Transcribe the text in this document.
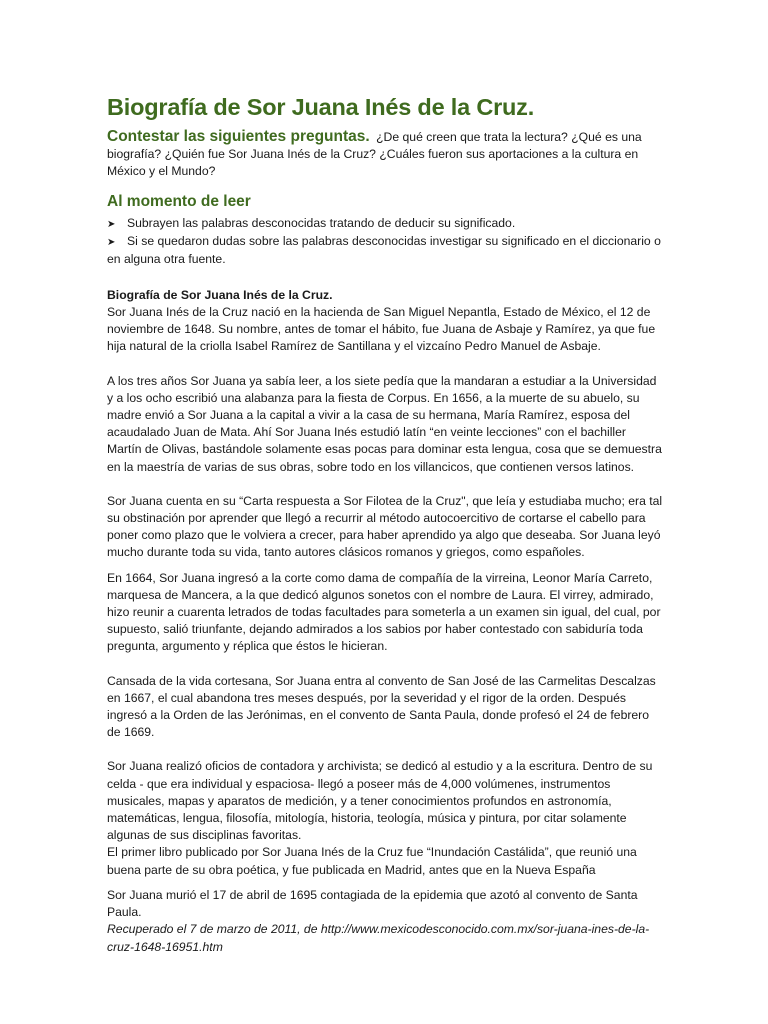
Biografía de Sor Juana Inés de la Cruz.

Contestar las siguientes preguntas. ¿De qué creen que trata la lectura? ¿Qué es una biografía? ¿Quién fue Sor Juana Inés de la Cruz? ¿Cuáles fueron sus aportaciones a la cultura en México y el Mundo?

Al momento de leer
➤ Subrayen las palabras desconocidas tratando de deducir su significado.
➤ Si se quedaron dudas sobre las palabras desconocidas investigar su significado en el diccionario o
en alguna otra fuente.
Biografía de Sor Juana Inés de la Cruz.

Sor Juana Inés de la Cruz nació en la hacienda de San Miguel Nepantla, Estado de México, el 12 de noviembre de 1648. Su nombre, antes de tomar el hábito, fue Juana de Asbaje y Ramírez, ya que fue hija natural de la criolla Isabel Ramírez de Santillana y el vizcaíno Pedro Manuel de Asbaje.

A los tres años Sor Juana ya sabía leer, a los siete pedía que la mandaran a estudiar a la Universidad y a los ocho escribió una alabanza para la fiesta de Corpus. En 1656, a la muerte de su abuelo, su madre envió a Sor Juana a la capital a vivir a la casa de su hermana, María Ramírez, esposa del acaudalado Juan de Mata. Ahí Sor Juana Inés estudió latín “en veinte lecciones” con el bachiller Martín de Olivas, bastándole solamente esas pocas para dominar esta lengua, cosa que se demuestra en la maestría de varias de sus obras, sobre todo en los villancicos, que contienen versos latinos.

Sor Juana cuenta en su “Carta respuesta a Sor Filotea de la Cruz", que leía y estudiaba mucho; era tal su obstinación por aprender que llegó a recurrir al método autocoercitivo de cortarse el cabello para poner como plazo que le volviera a crecer, para haber aprendido ya algo que deseaba. Sor Juana leyó mucho durante toda su vida, tanto autores clásicos romanos y griegos, como españoles.

En 1664, Sor Juana ingresó a la corte como dama de compañía de la virreina, Leonor María Carreto, marquesa de Mancera, a la que dedicó algunos sonetos con el nombre de Laura. El virrey, admirado, hizo reunir a cuarenta letrados de todas facultades para someterla a un examen sin igual, del cual, por supuesto, salió triunfante, dejando admirados a los sabios por haber contestado con sabiduría toda pregunta, argumento y réplica que éstos le hicieran.

Cansada de la vida cortesana, Sor Juana entra al convento de San José de las Carmelitas Descalzas en 1667, el cual abandona tres meses después, por la severidad y el rigor de la orden. Después ingresó a la Orden de las Jerónimas, en el convento de Santa Paula, donde profesó el 24 de febrero de 1669.

Sor Juana realizó oficios de contadora y archivista; se dedicó al estudio y a la escritura. Dentro de su celda - que era individual y espaciosa- llegó a poseer más de 4,000 volúmenes, instrumentos musicales, mapas y aparatos de medición, y a tener conocimientos profundos en astronomía, matemáticas, lengua, filosofía, mitología, historia, teología, música y pintura, por citar solamente algunas de sus disciplinas favoritas.

El primer libro publicado por Sor Juana Inés de la Cruz fue “Inundación Castálida”, que reunió una buena parte de su obra poética, y fue publicada en Madrid, antes que en la Nueva España

Sor Juana murió el 17 de abril de 1695 contagiada de la epidemia que azotó al convento de Santa Paula.

Recuperado el 7 de marzo de 2011, de http://www.mexicodesconocido.com.mx/sor-juana-ines-de-la-cruz-1648-16951.htm
